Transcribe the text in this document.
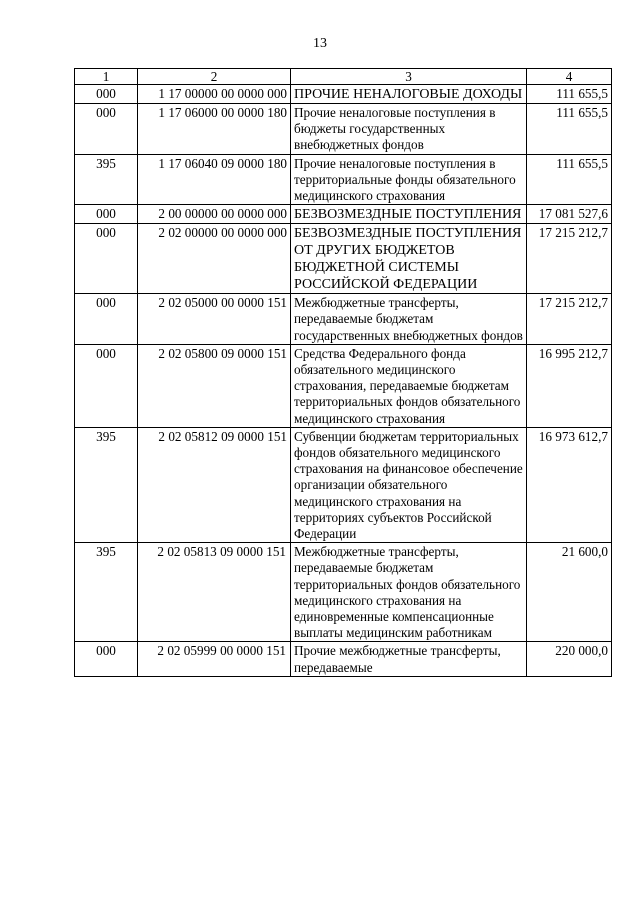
13
1	2	3	4
000	1 17 00000 00 0000 000	ПРОЧИЕ НЕНАЛОГОВЫЕ ДОХОДЫ	111 655,5
000	1 17 06000 00 0000 180	Прочие неналоговые поступления в бюджеты государственных внебюджетных фондов	111 655,5
395	1 17 06040 09 0000 180	Прочие неналоговые поступления в территориальные фонды обязательного медицинского страхования	111 655,5
000	2 00 00000 00 0000 000	БЕЗВОЗМЕЗДНЫЕ ПОСТУПЛЕНИЯ	17 081 527,6
000	2 02 00000 00 0000 000	БЕЗВОЗМЕЗДНЫЕ ПОСТУПЛЕНИЯ ОТ ДРУГИХ БЮДЖЕТОВ БЮДЖЕТНОЙ СИСТЕМЫ РОССИЙСКОЙ ФЕДЕРАЦИИ	17 215 212,7
000	2 02 05000 00 0000 151	Межбюджетные трансферты, передаваемые бюджетам государственных внебюджетных фондов	17 215 212,7
000	2 02 05800 09 0000 151	Средства Федерального фонда обязательного медицинского страхования, передаваемые бюджетам территориальных фондов обязательного медицинского страхования	16 995 212,7
395	2 02 05812 09 0000 151	Субвенции бюджетам территориальных фондов обязательного медицинского страхования на финансовое обеспечение организации обязательного медицинского страхования на территориях субъектов Российской Федерации	16 973 612,7
395	2 02 05813 09 0000 151	Межбюджетные трансферты, передаваемые бюджетам территориальных фондов обязательного медицинского страхования на единовременные компенсационные выплаты медицинским работникам	21 600,0
000	2 02 05999 00 0000 151	Прочие межбюджетные трансферты, передаваемые	220 000,0
